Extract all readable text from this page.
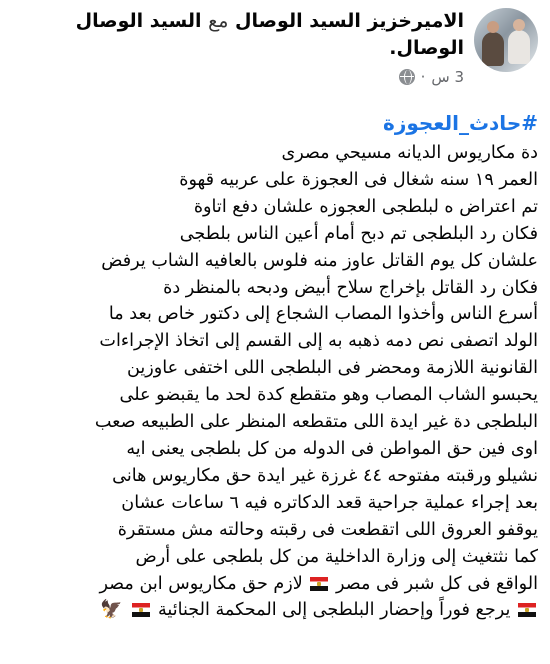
الاميرخزيز السيد الوصال مع السيد الوصال الوصال.
3 س
·
#حادث_العجوزة
دة مكاريوس الديانه مسيحي مصرى
العمر ١٩ سنه شغال فى العجوزة على عربيه قهوة
تم اعتراض ه لبلطجى العجوزه علشان دفع اتاوة
فكان رد البلطجى تم دبح أمام أعين الناس بلطجى
علشان كل يوم القاتل عاوز منه فلوس بالعافيه الشاب يرفض
فكان رد القاتل بإخراج سلاح أبيض ودبحه بالمنظر دة
أسرع الناس وأخذوا المصاب الشجاع إلى دكتور خاص بعد ما
الولد اتصفى نص دمه ذهبه به إلى القسم إلى اتخاذ الإجراءات
القانونية اللازمة ومحضر فى البلطجى اللى اختفى عاوزين
يحبسو الشاب المصاب وهو متقطع كدة لحد ما يقبضو على
البلطجى دة غير ايدة اللى متقطعه المنظر على الطبيعه صعب
اوى فين حق المواطن فى الدوله من كل بلطجى يعنى ايه
نشيلو ورقبته مفتوحه ٤٤ غرزة غير ايدة حق مكاريوس هانى
بعد إجراء عملية جراحية قعد الدكاتره فيه ٦ ساعات عشان
يوقفو العروق اللى اتقطعت فى رقبته وحالته مش مستقرة
كما نثتغيث إلى وزارة الداخلية من كل بلطجى على أرض
الواقع فى كل شبر فى مصر  لازم حق مكاريوس ابن مصر
يرجع فوراً وإحضار البلطجى إلى المحكمة الجنائية  🦅
